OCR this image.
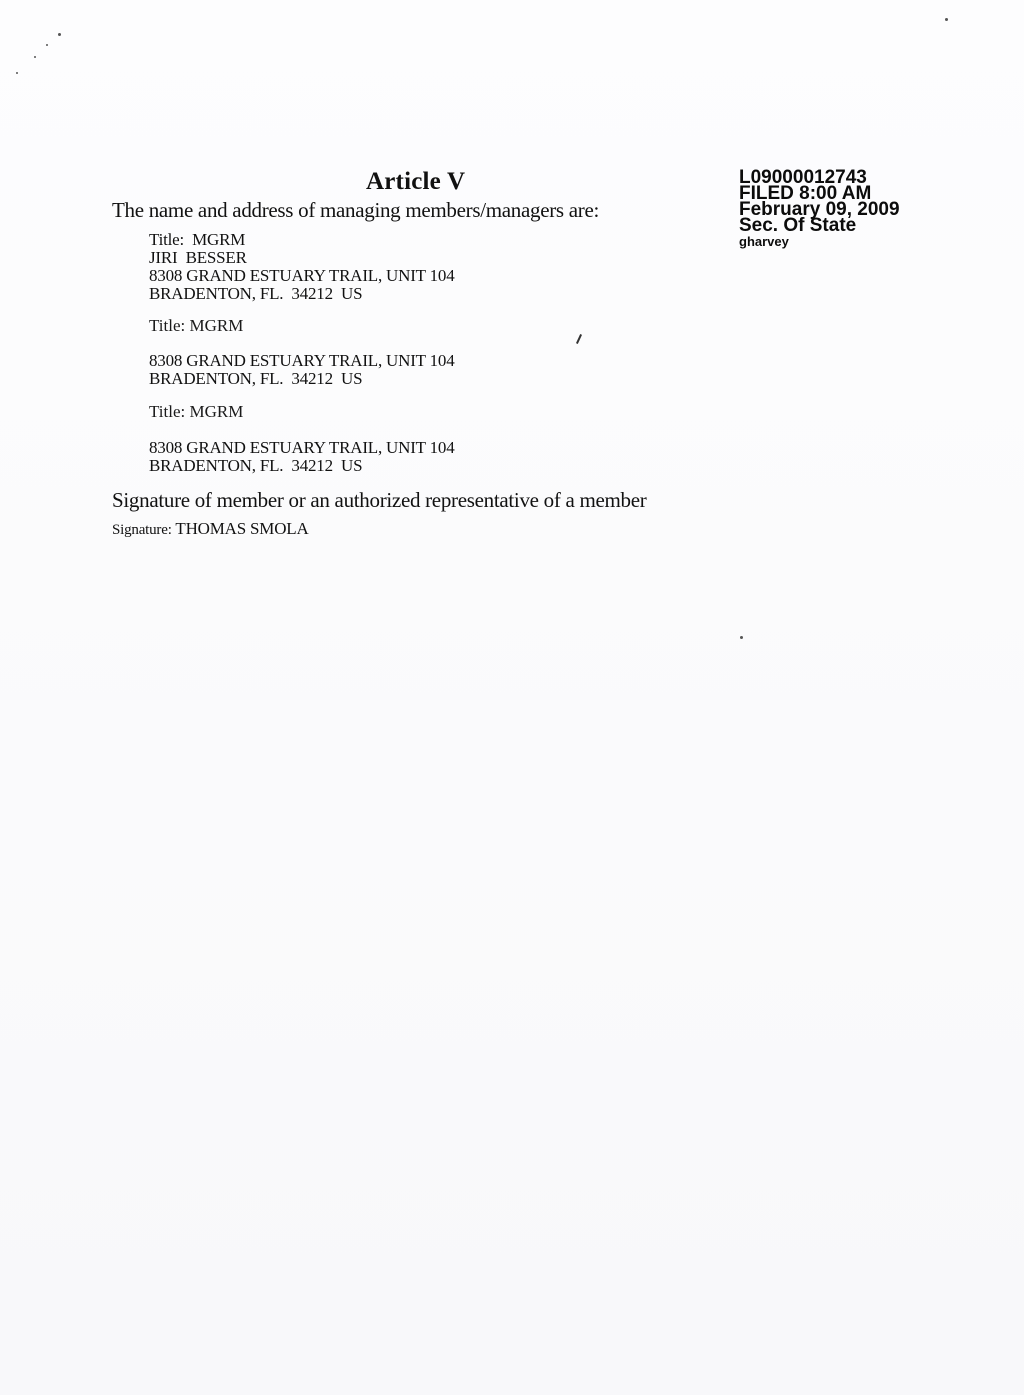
Article V
The name and address of managing members/managers are:
Title:  MGRM
JIRI  BESSER
8308 GRAND ESTUARY TRAIL, UNIT 104
BRADENTON, FL.  34212  US
Title: MGRM
8308 GRAND ESTUARY TRAIL, UNIT 104
BRADENTON, FL.  34212  US
Title: MGRM
8308 GRAND ESTUARY TRAIL, UNIT 104
BRADENTON, FL.  34212  US
Signature of member or an authorized representative of a member
Signature: THOMAS SMOLA
L09000012743
FILED 8:00 AM
February 09, 2009
Sec. Of State
gharvey
